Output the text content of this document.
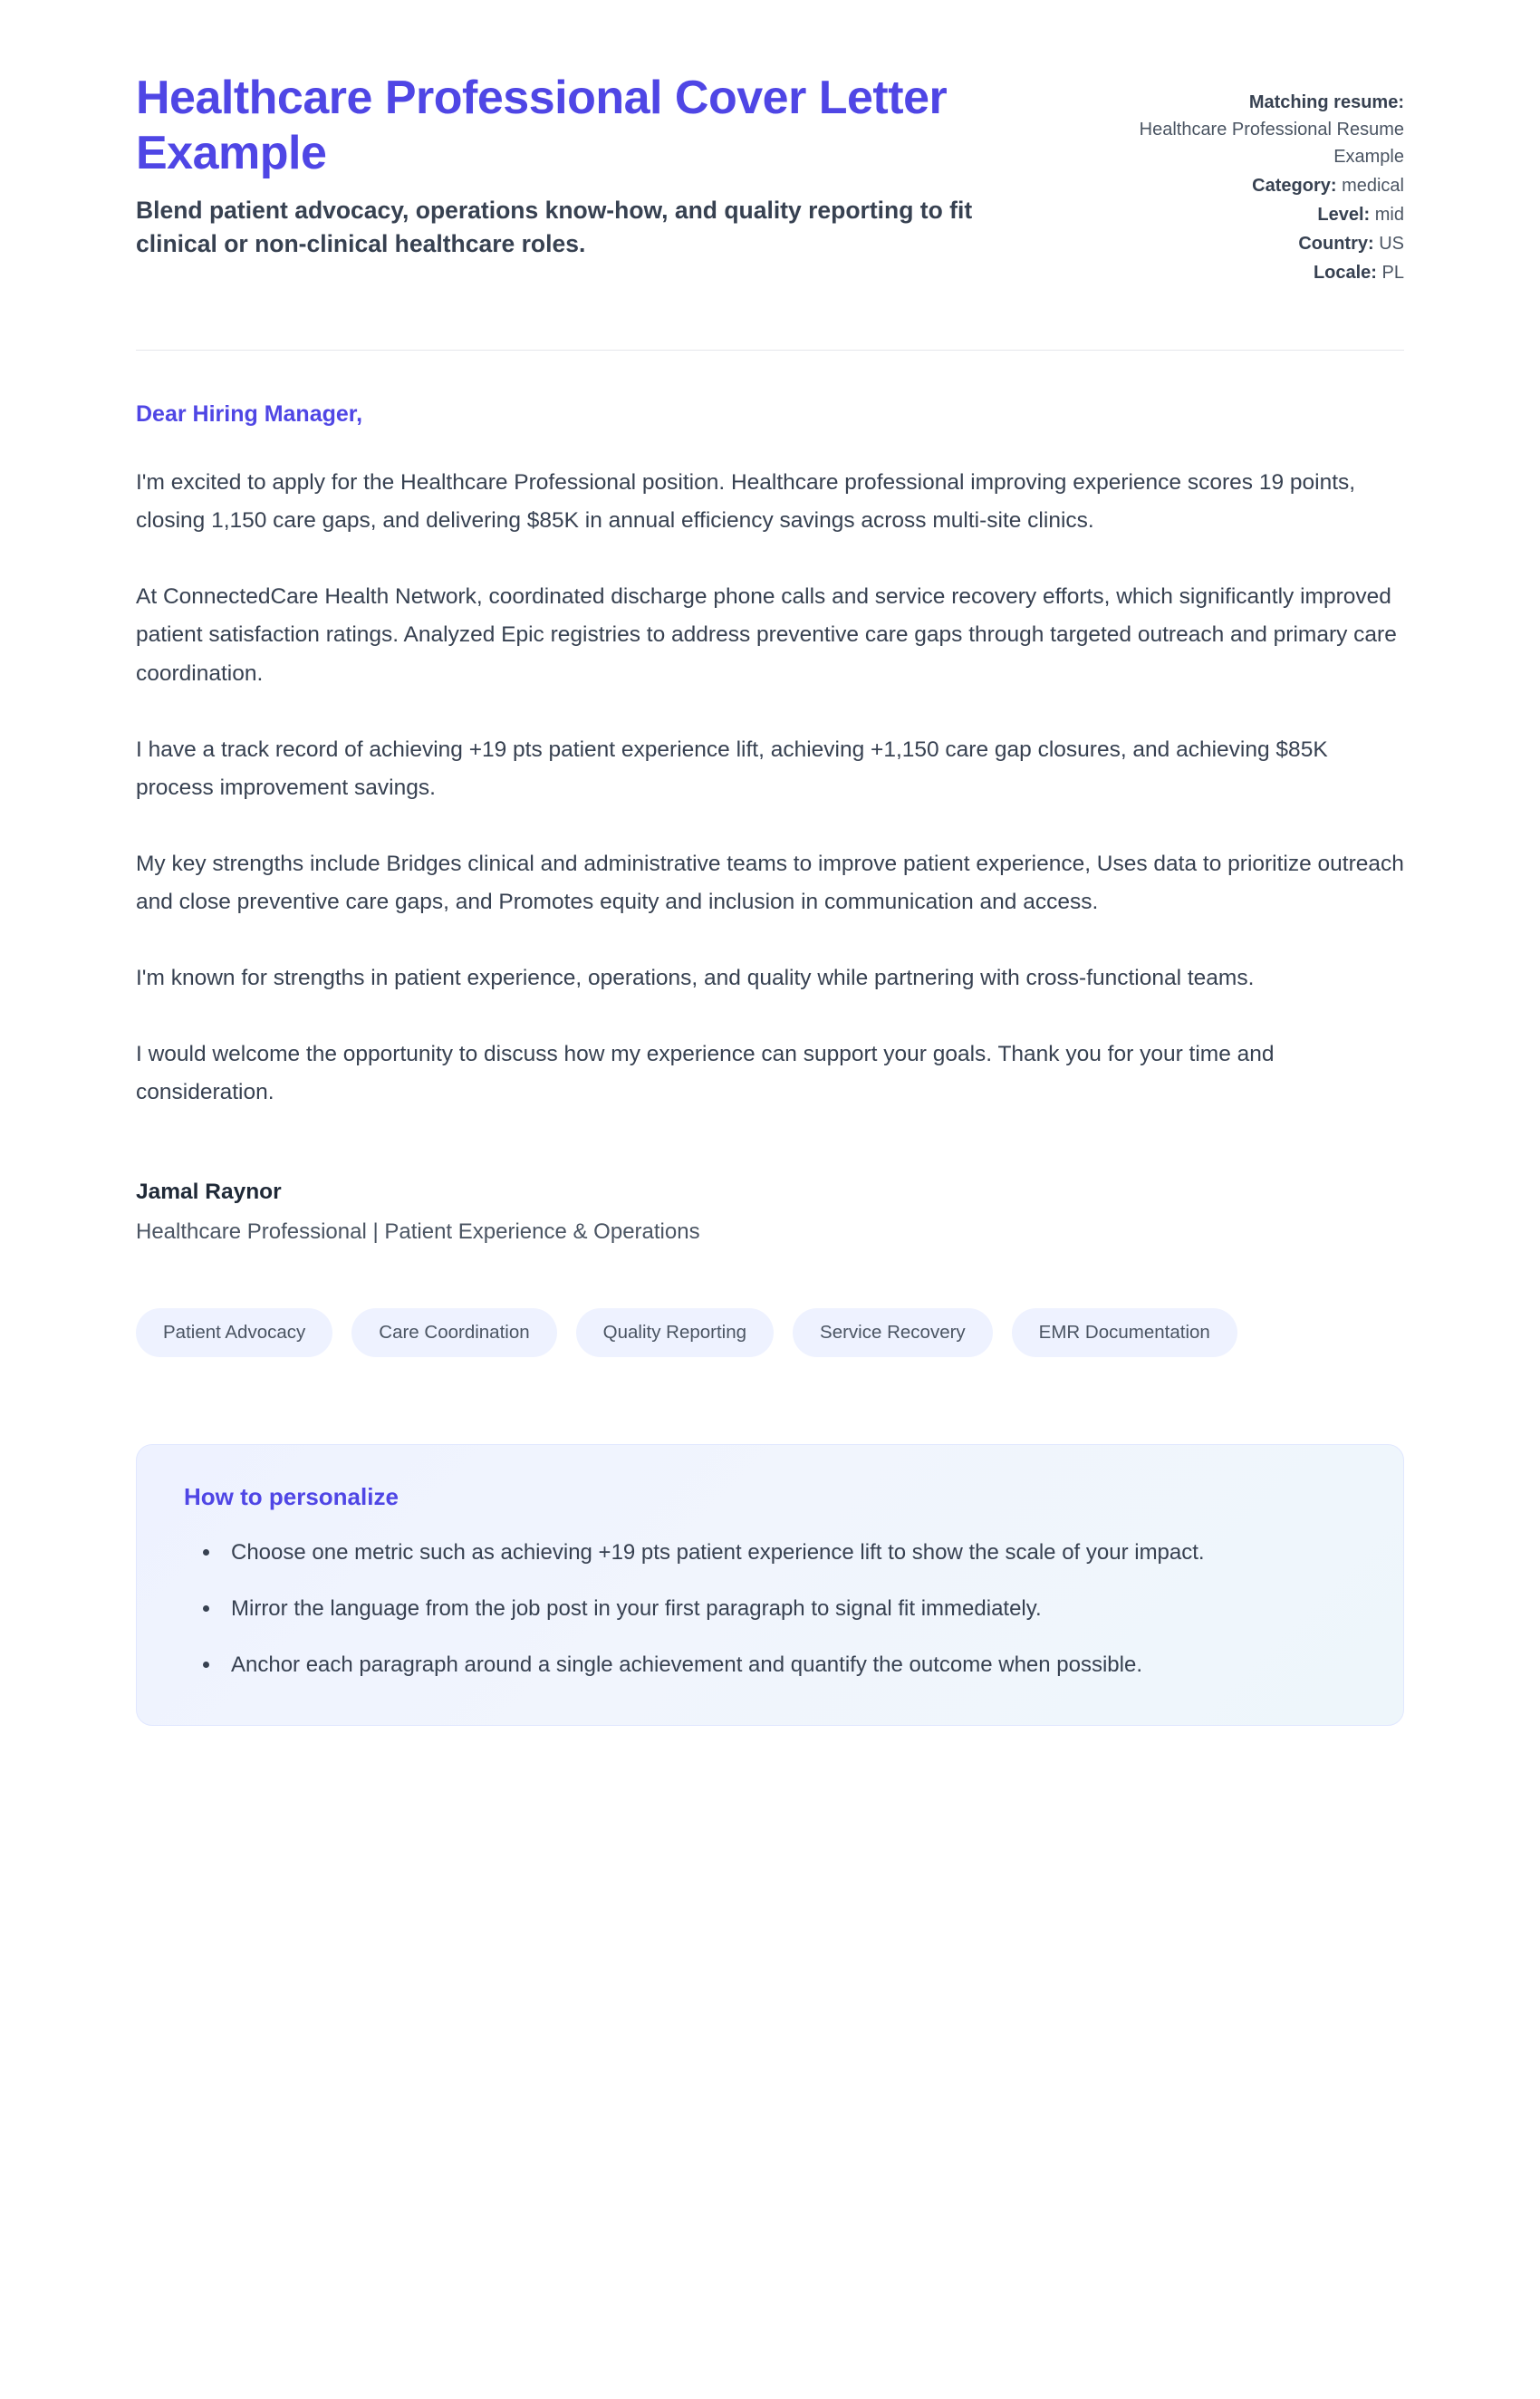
Healthcare Professional Cover Letter Example

Blend patient advocacy, operations know-how, and quality reporting to fit clinical or non-clinical healthcare roles.

Matching resume:
Healthcare Professional Resume Example
Category: medical
Level: mid
Country: US
Locale: PL

Dear Hiring Manager,

I'm excited to apply for the Healthcare Professional position. Healthcare professional improving experience scores 19 points, closing 1,150 care gaps, and delivering $85K in annual efficiency savings across multi-site clinics.

At ConnectedCare Health Network, coordinated discharge phone calls and service recovery efforts, which significantly improved patient satisfaction ratings. Analyzed Epic registries to address preventive care gaps through targeted outreach and primary care coordination.

I have a track record of achieving +19 pts patient experience lift, achieving +1,150 care gap closures, and achieving $85K process improvement savings.

My key strengths include Bridges clinical and administrative teams to improve patient experience, Uses data to prioritize outreach and close preventive care gaps, and Promotes equity and inclusion in communication and access.

I'm known for strengths in patient experience, operations, and quality while partnering with cross-functional teams.

I would welcome the opportunity to discuss how my experience can support your goals. Thank you for your time and consideration.

Jamal Raynor

Healthcare Professional | Patient Experience & Operations

Patient Advocacy	Care Coordination	Quality Reporting	Service Recovery	EMR Documentation

How to personalize

• Choose one metric such as achieving +19 pts patient experience lift to show the scale of your impact.
• Mirror the language from the job post in your first paragraph to signal fit immediately.
• Anchor each paragraph around a single achievement and quantify the outcome when possible.
